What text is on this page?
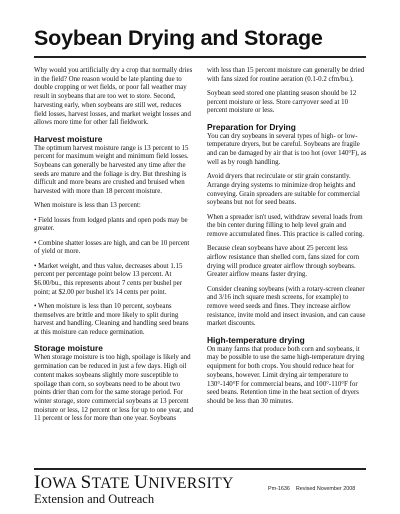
Soybean Drying and Storage

Why would you artificially dry a crop that normally dries in the field? One reason would be late planting due to double cropping or wet fields, or poor fall weather may result in soybeans that are too wet to store. Second, harvesting early, when soybeans are still wet, reduces field losses, harvest losses, and market weight losses and allows more time for other fall fieldwork.

Harvest moisture

The optimum harvest moisture range is 13 percent to 15 percent for maximum weight and minimum field losses. Soybeans can generally be harvested any time after the seeds are mature and the foliage is dry. But threshing is difficult and more beans are crushed and bruised when harvested with more than 18 percent moisture.

When moisture is less than 13 percent:

• Field losses from lodged plants and open pods may be greater.

• Combine shatter losses are high, and can be 10 percent of yield or more.

• Market weight, and thus value, decreases about 1.15 percent per percentage point below 13 percent. At $6.00/bu., this represents about 7 cents per bushel per point; at $2.00 per bushel it's 14 cents per point.

• When moisture is less than 10 percent, soybeans themselves are brittle and more likely to split during harvest and handling. Cleaning and handling seed beans at this moisture can reduce germination.

Storage moisture

When storage moisture is too high, spoilage is likely and germination can be reduced in just a few days. High oil content makes soybeans slightly more susceptible to spoilage than corn, so soybeans need to be about two points drier than corn for the same storage period. For winter storage, store commercial soybeans at 13 percent moisture or less, 12 percent or less for up to one year, and 11 percent or less for more than one year. Soybeans

with less than 15 percent moisture can generally be dried with fans sized for routine aeration (0.1-0.2 cfm/bu.).

Soybean seed stored one planting season should be 12 percent moisture or less. Store carryover seed at 10 percent moisture or less.

Preparation for Drying

You can dry soybeans in several types of high- or low-temperature dryers, but be careful. Soybeans are fragile and can be damaged by air that is too hot (over 140°F), as well as by rough handling.

Avoid dryers that recirculate or stir grain constantly. Arrange drying systems to minimize drop heights and conveying. Grain spreaders are suitable for commercial soybeans but not for seed beans.

When a spreader isn't used, withdraw several loads from the bin center during filling to help level grain and remove accumulated fines. This practice is called coring.

Because clean soybeans have about 25 percent less airflow resistance than shelled corn, fans sized for corn drying will produce greater airflow through soybeans. Greater airflow means faster drying.

Consider cleaning soybeans (with a rotary-screen cleaner and 3/16 inch square mesh screens, for example) to remove weed seeds and fines. They increase airflow resistance, invite mold and insect invasion, and can cause market discounts.

High-temperature drying

On many farms that produce both corn and soybeans, it may be possible to use the same high-temperature drying equipment for both crops. You should reduce heat for soybeans, however. Limit drying air temperature to 130°-140°F for commercial beans, and 100°-110°F for seed beans. Retention time in the heat section of dryers should be less than 30 minutes.

IOWA STATE UNIVERSITY
Extension and Outreach
Pm-1636 Revised November 2008
